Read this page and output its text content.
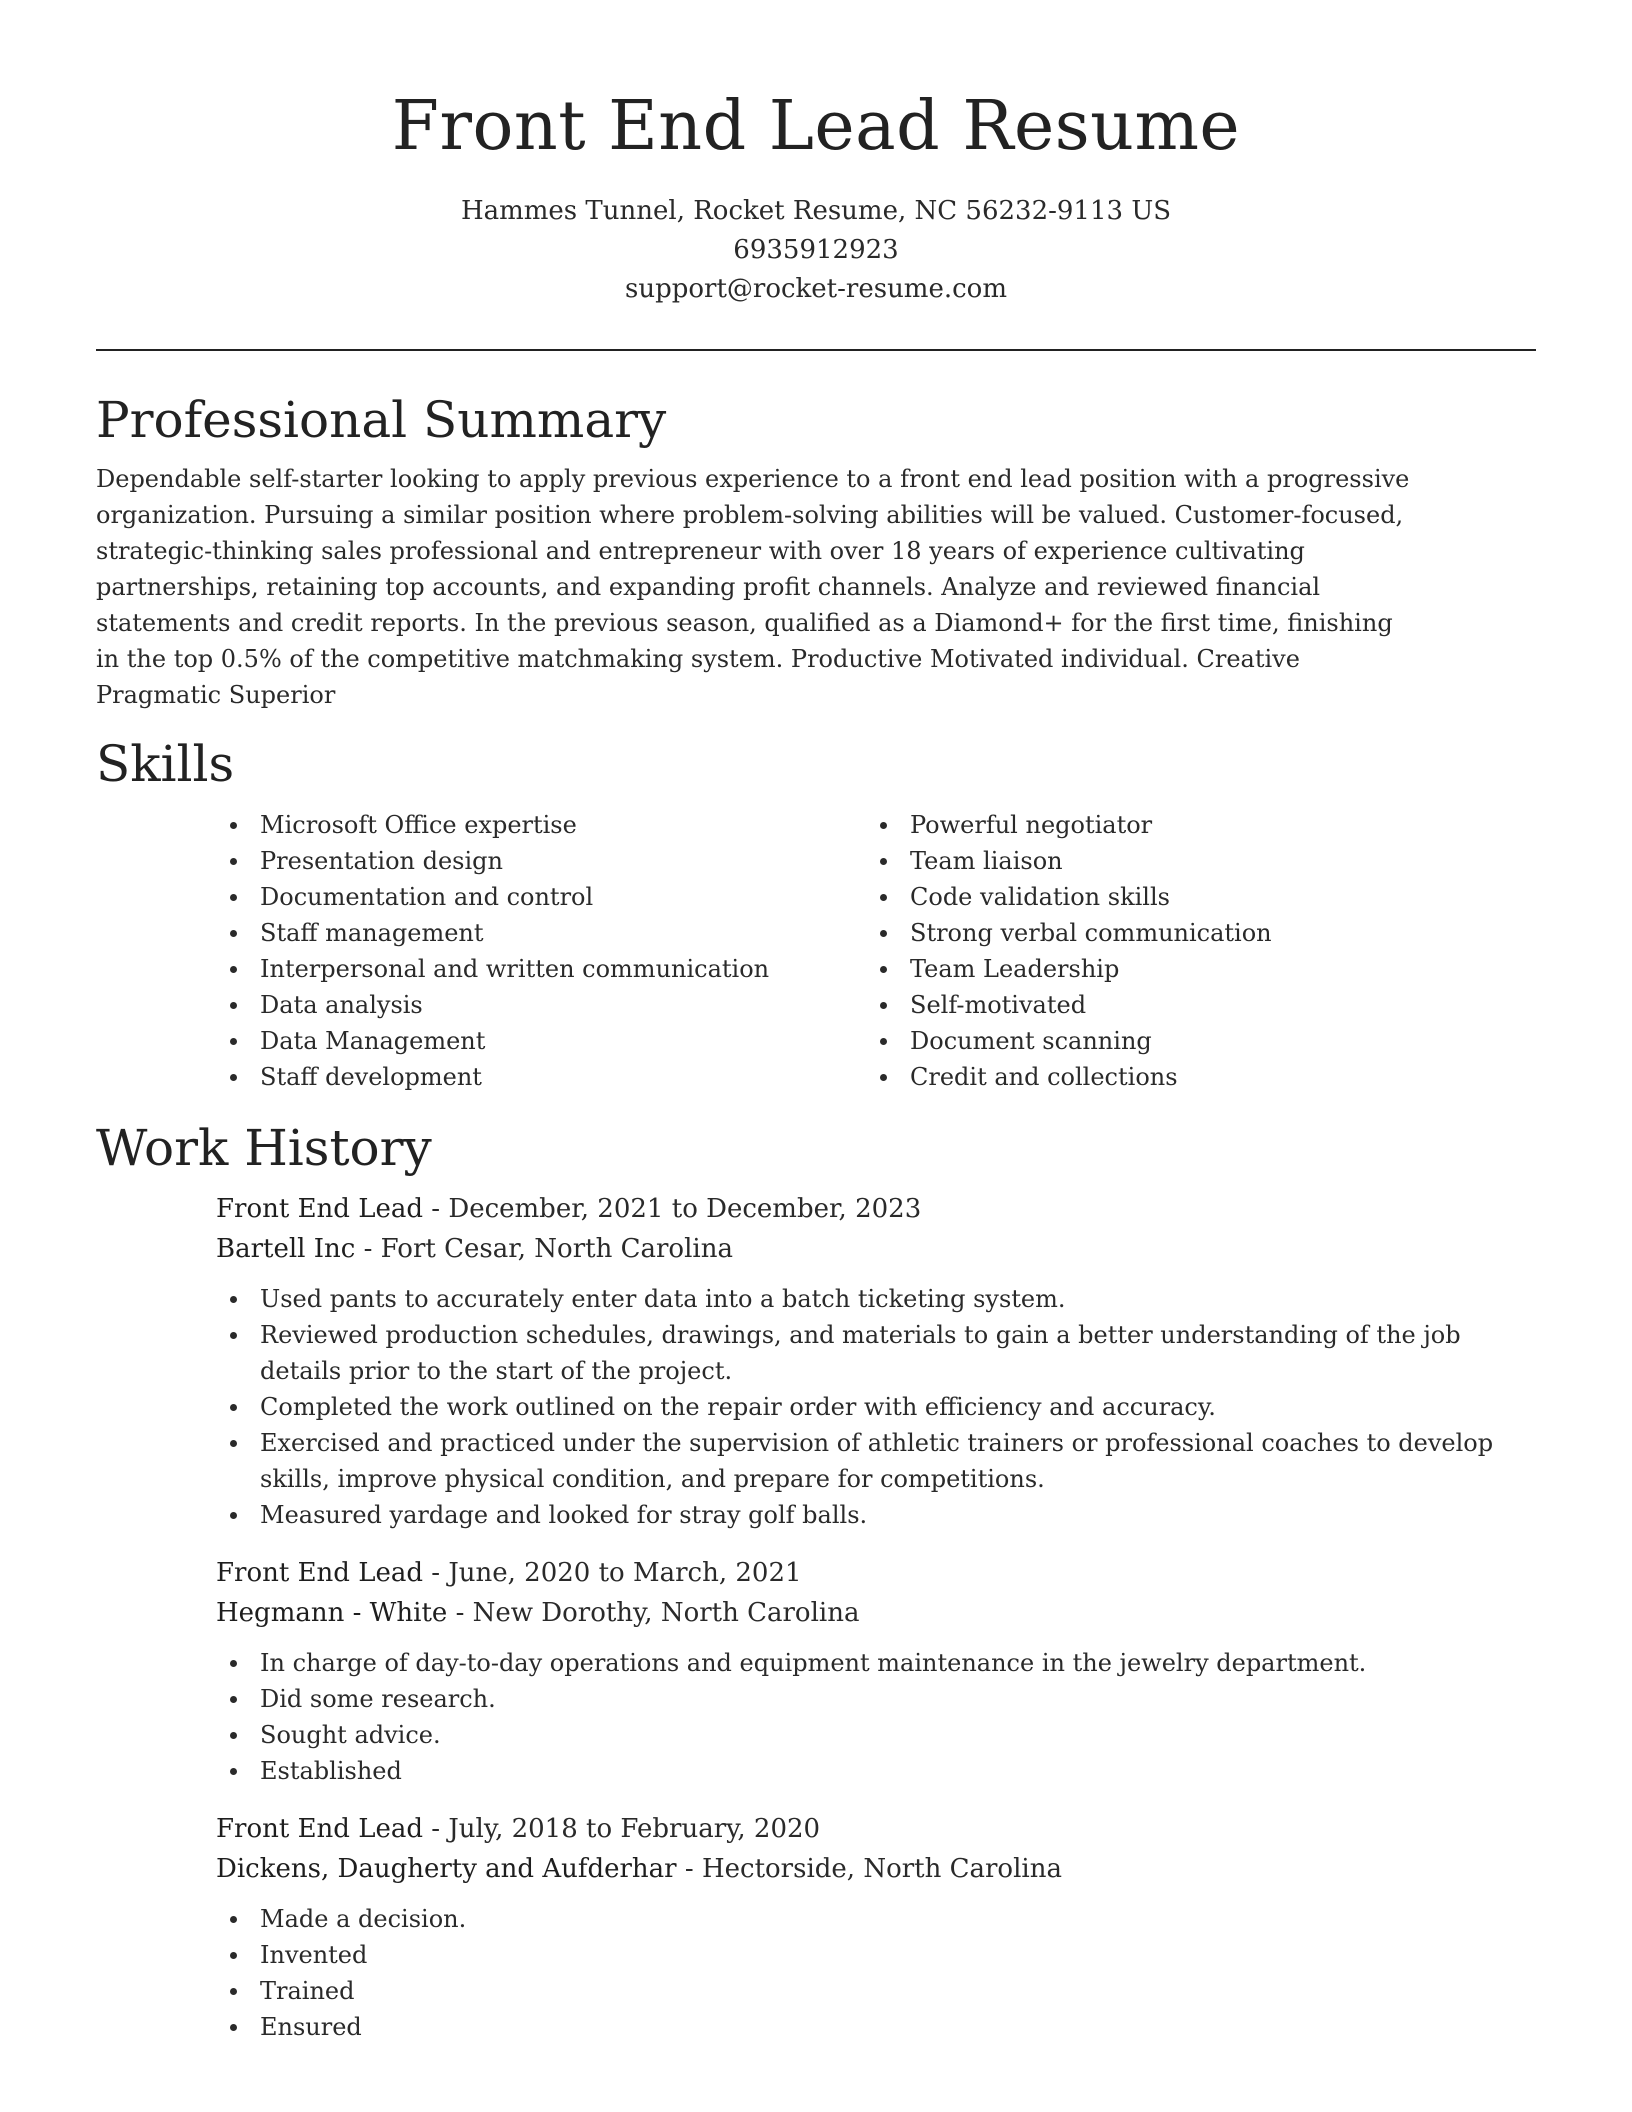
Front End Lead Resume
Hammes Tunnel, Rocket Resume, NC 56232-9113 US
6935912923
support@rocket-resume.com
Professional Summary

Dependable self-starter looking to apply previous experience to a front end lead position with a progressive organization. Pursuing a similar position where problem-solving abilities will be valued. Customer-focused, strategic-thinking sales professional and entrepreneur with over 18 years of experience cultivating partnerships, retaining top accounts, and expanding profit channels. Analyze and reviewed financial statements and credit reports. In the previous season, qualified as a Diamond+ for the first time, finishing in the top 0.5% of the competitive matchmaking system. Productive Motivated individual. Creative Pragmatic Superior

Skills
Microsoft Office expertise
Presentation design
Documentation and control
Staff management
Interpersonal and written communication
Data analysis
Data Management
Staff development
Powerful negotiator
Team liaison
Code validation skills
Strong verbal communication
Team Leadership
Self-motivated
Document scanning
Credit and collections
Work History
Front End Lead - December, 2021 to December, 2023
Bartell Inc - Fort Cesar, North Carolina
Used pants to accurately enter data into a batch ticketing system.
Reviewed production schedules, drawings, and materials to gain a better understanding of the job details prior to the start of the project.
Completed the work outlined on the repair order with efficiency and accuracy.
Exercised and practiced under the supervision of athletic trainers or professional coaches to develop skills, improve physical condition, and prepare for competitions.
Measured yardage and looked for stray golf balls.
Front End Lead - June, 2020 to March, 2021
Hegmann - White - New Dorothy, North Carolina
In charge of day-to-day operations and equipment maintenance in the jewelry department.
Did some research.
Sought advice.
Established
Front End Lead - July, 2018 to February, 2020
Dickens, Daugherty and Aufderhar - Hectorside, North Carolina
Made a decision.
Invented
Trained
Ensured
